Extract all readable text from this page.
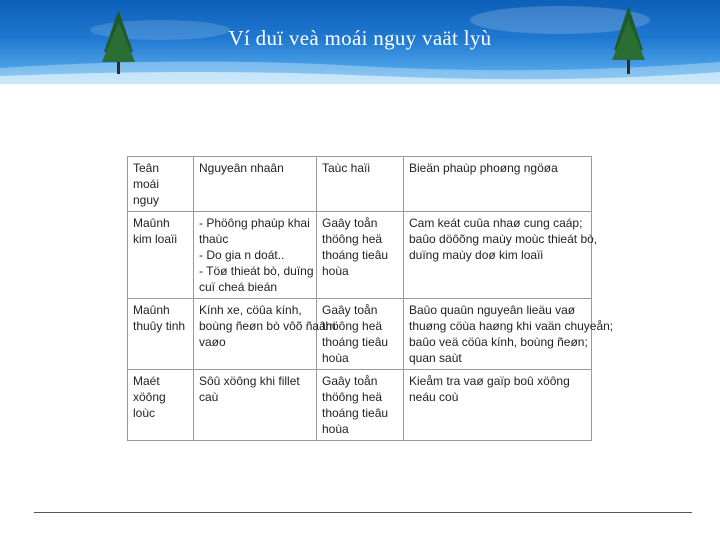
Ví duï veà moái nguy vaät lyù
Teân moái nguy	Nguyeân nhaân	Taùc haïi	Bieän phaùp phoøng ngöøa

Maûnh
kim loaïi	- Phöông phaùp khai
thaùc
- Do gia n doát..
- Töø thieát bò, duïng
cuï cheá bieán	Gaây toån
thöông heä
thoáng tieâu
hoùa	Cam keát cuûa nhaø cung caáp;
baûo döôõng maùy moùc thieát bò,
duïng maùy doø kim loaïi

Maûnh
thuûy tinh	Kính xe, cöûa kính,
boùng ñeøn bò vôõ ñaâm
vaøo	Gaây toån
thöông heä
thoáng tieâu
hoùa	Baûo quaûn nguyeân lieäu vaø
thuøng cöùa haøng khi vaän chuyeån;
baûo veä cöûa kính, boùng ñeøn;
quan saùt

Maét
xöông
loùc	Sôû xöông khi fillet
caù	Gaây toån
thöông heä
thoáng tieâu
hoùa	Kieåm tra vaø gaïp boû xöông
neáu coù
